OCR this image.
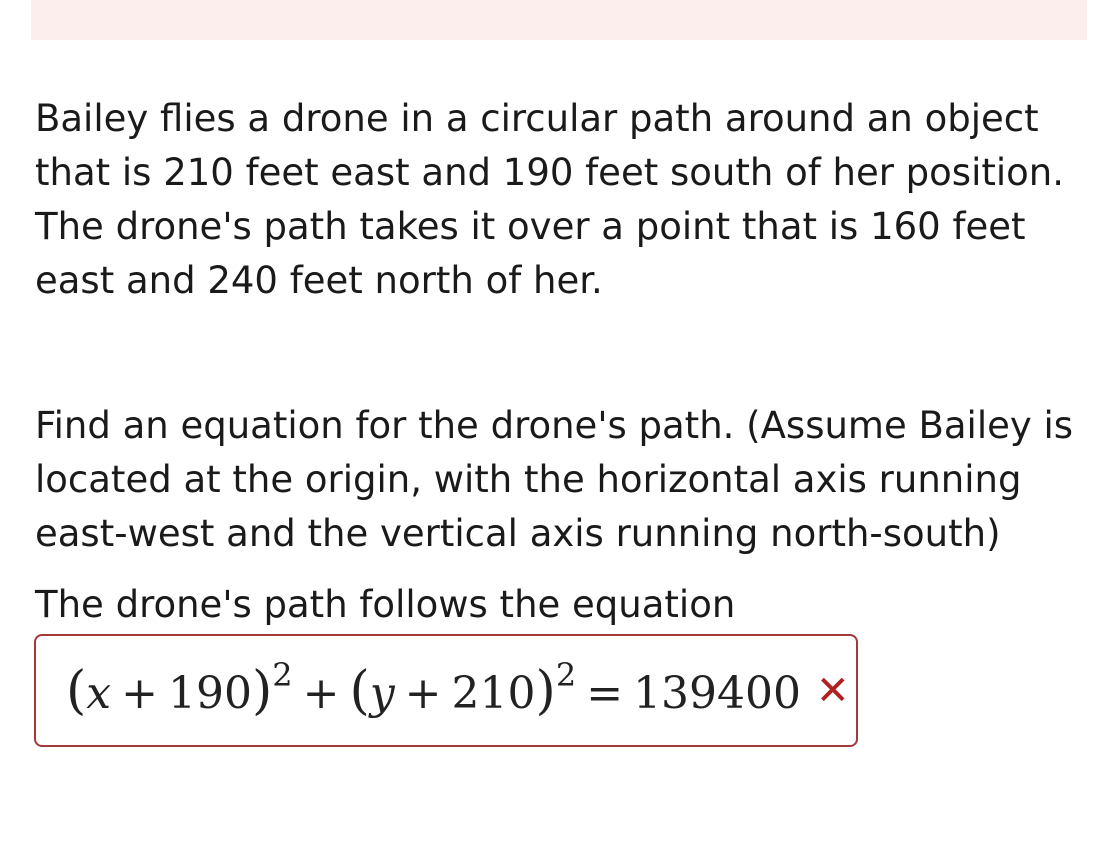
Bailey flies a drone in a circular path around an object that is 210 feet east and 190 feet south of her position. The drone's path takes it over a point that is 160 feet east and 240 feet north of her.

Find an equation for the drone's path. (Assume Bailey is located at the origin, with the horizontal axis running east-west and the vertical axis running north-south)

The drone's path follows the equation

$(x + 190)^2 + (y + 210)^2 = 139400$ ✕
